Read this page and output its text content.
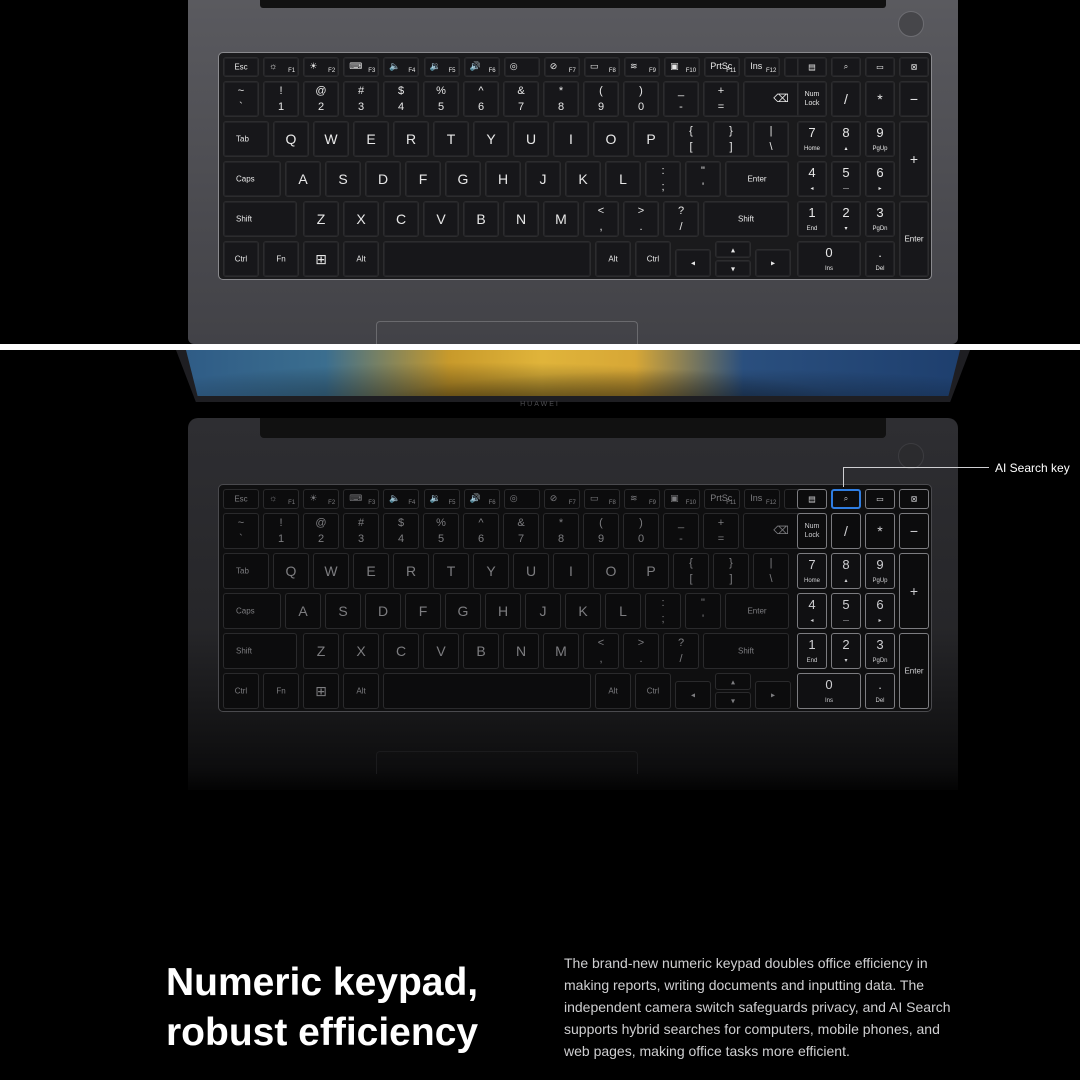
Esc	☼ F1 ☀ F2 ⌨ F3 🔈 F4 🔉 F5 🔊 F6 ◎	⊘ F7 ▭ F8 ≋ F9 ▣ F10 PrtSc
F11 Ins F12	▤	⌕	▭	⊠
~
`
!
1
@
2
#
3
$
4
%
5
^
6
&
7
*
8
(
9
)
0
_
-
+
=
⌫
Tab	Q	W	E	R	T	Y	U	I	O	P	{
[
}
]
|
\
Caps	A	S	D	F	G	H	J	K	L	:
;
"
'
Enter
Shift	Z	X	C	V	B	N	M	<
,
>
.
?
/
Shift
Ctrl	Fn	⊞	Alt	Alt	Ctrl	◂
▴
▾
▸
Num Lock	/	*	−
7
Home
8
▴
9
PgUp
4
◂
5
—
6
▸
1
End
2
▾
3
PgDn
+
Enter
0
Ins
.
Del
HUAWEI
Esc	☼ F1 ☀ F2 ⌨ F3 🔈 F4 🔉 F5 🔊 F6 ◎	⊘ F7 ▭ F8 ≋ F9 ▣ F10 PrtSc
F11 Ins F12	▤	⌕	▭	⊠
~
`
!
1
@
2
#
3
$
4
%
5
^
6
&
7
*
8
(
9
)
0
_
-
+
=
⌫
Tab	Q	W	E	R	T	Y	U	I	O	P	{
[
}
]
|
\
Caps	A	S	D	F	G	H	J	K	L	:
;
"
'
Enter
Shift	Z	X	C	V	B	N	M	<
,
>
.
?
/
Shift
Ctrl	Fn	⊞	Alt	Alt	Ctrl	◂
▴
▾
▸
Num Lock	/	*	−
7
Home
8
▴
9
PgUp
4
◂
5
—
6
▸
1
End
2
▾
3
PgDn
+
Enter
0
Ins
.
Del
AI Search key
Numeric keypad,
robust efficiency

The brand-new numeric keypad doubles office efficiency in making reports, writing documents and inputting data. The independent camera switch safeguards privacy, and AI Search supports hybrid searches for computers, mobile phones, and web pages, making office tasks more efficient.
